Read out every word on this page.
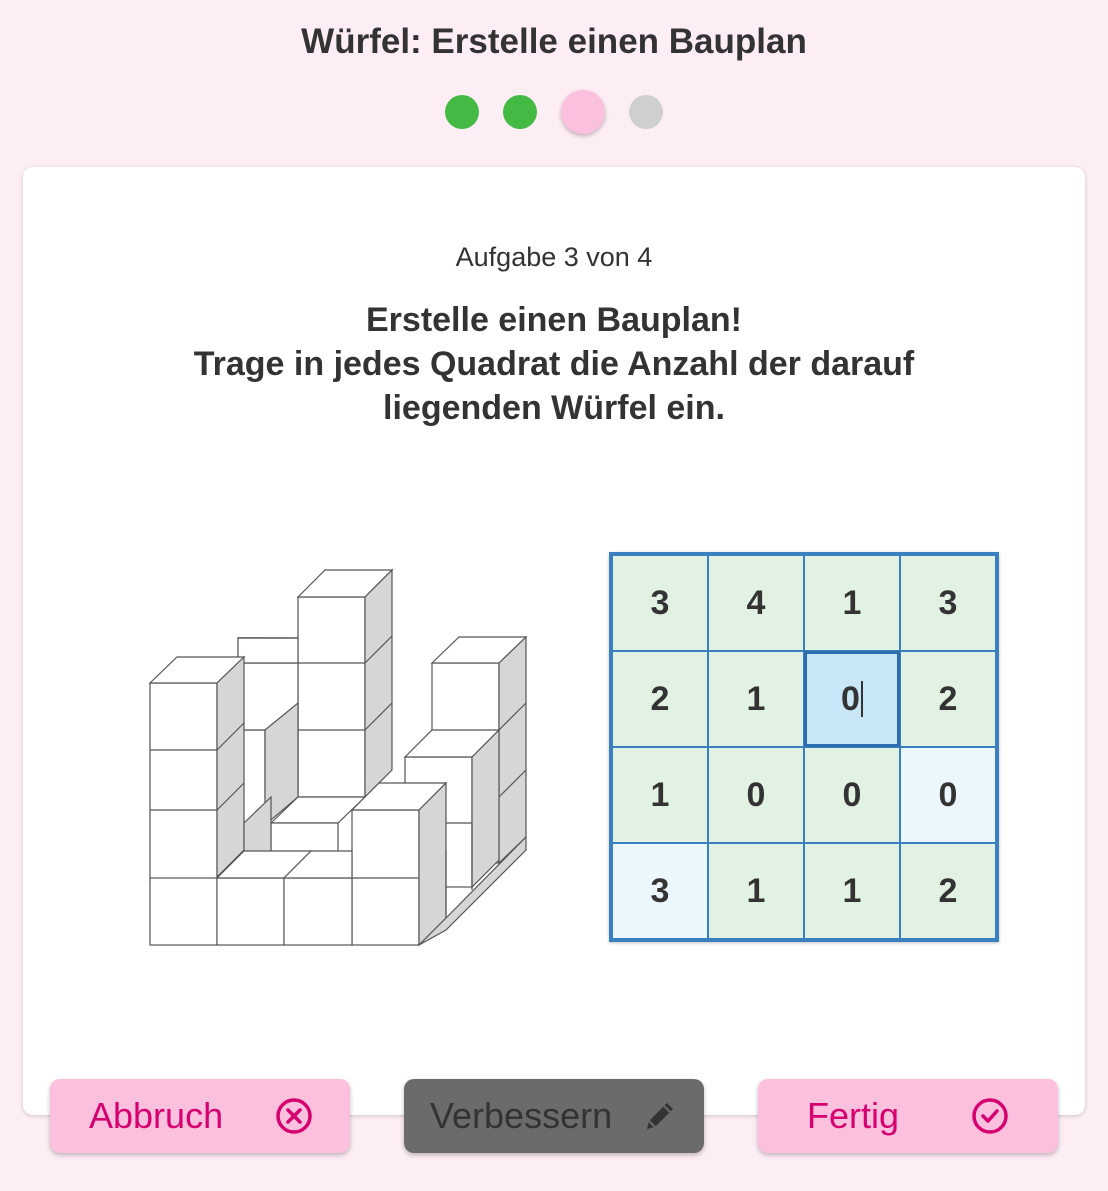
Würfel: Erstelle einen Bauplan
Aufgabe 3 von 4
Erstelle einen Bauplan!
Trage in jedes Quadrat die Anzahl der darauf
liegenden Würfel ein.
3	4	1	3
2	1	0	2
1	0	0	0
3	1	1	2
Abbruch	Verbessern	Fertig
